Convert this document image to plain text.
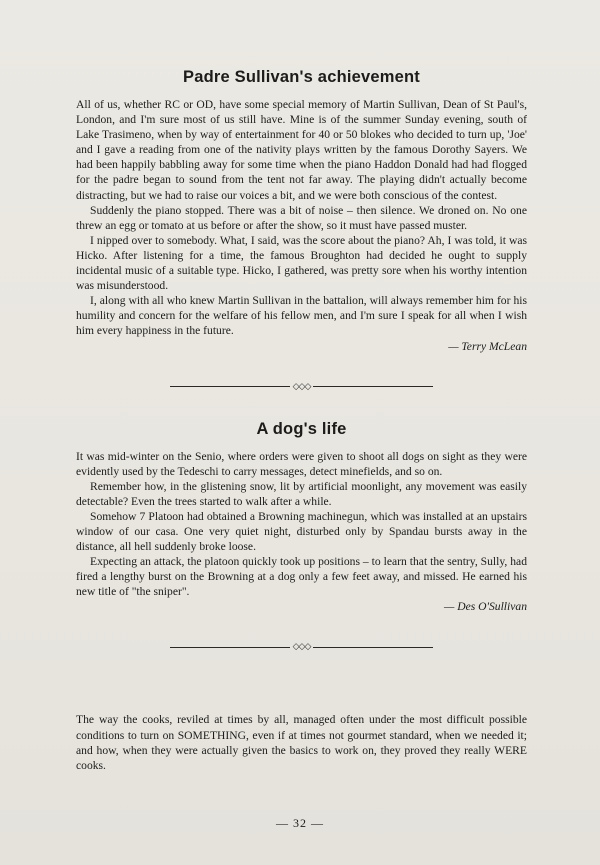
Padre Sullivan's achievement

All of us, whether RC or OD, have some special memory of Martin Sullivan, Dean of St Paul's, London, and I'm sure most of us still have. Mine is of the summer Sunday evening, south of Lake Trasimeno, when by way of entertainment for 40 or 50 blokes who decided to turn up, 'Joe' and I gave a reading from one of the nativity plays written by the famous Dorothy Sayers. We had been happily babbling away for some time when the piano Haddon Donald had had flogged for the padre began to sound from the tent not far away. The playing didn't actually become distracting, but we had to raise our voices a bit, and we were both conscious of the contest.

Suddenly the piano stopped. There was a bit of noise – then silence. We droned on. No one threw an egg or tomato at us before or after the show, so it must have passed muster.

I nipped over to somebody. What, I said, was the score about the piano? Ah, I was told, it was Hicko. After listening for a time, the famous Broughton had decided he ought to supply incidental music of a suitable type. Hicko, I gathered, was pretty sore when his worthy intention was misunderstood.

I, along with all who knew Martin Sullivan in the battalion, will always remember him for his humility and concern for the welfare of his fellow men, and I'm sure I speak for all when I wish him every happiness in the future.

— Terry McLean

◇◇◇
A dog's life

It was mid-winter on the Senio, where orders were given to shoot all dogs on sight as they were evidently used by the Tedeschi to carry messages, detect minefields, and so on.

Remember how, in the glistening snow, lit by artificial moonlight, any movement was easily detectable? Even the trees started to walk after a while.

Somehow 7 Platoon had obtained a Browning machinegun, which was installed at an upstairs window of our casa. One very quiet night, disturbed only by Spandau bursts away in the distance, all hell suddenly broke loose.

Expecting an attack, the platoon quickly took up positions – to learn that the sentry, Sully, had fired a lengthy burst on the Browning at a dog only a few feet away, and missed. He earned his new title of "the sniper".

— Des O'Sullivan

◇◇◇

The way the cooks, reviled at times by all, managed often under the most difficult possible conditions to turn on SOMETHING, even if at times not gourmet standard, when we needed it; and how, when they were actually given the basics to work on, they proved they really WERE cooks.

— 32 —
